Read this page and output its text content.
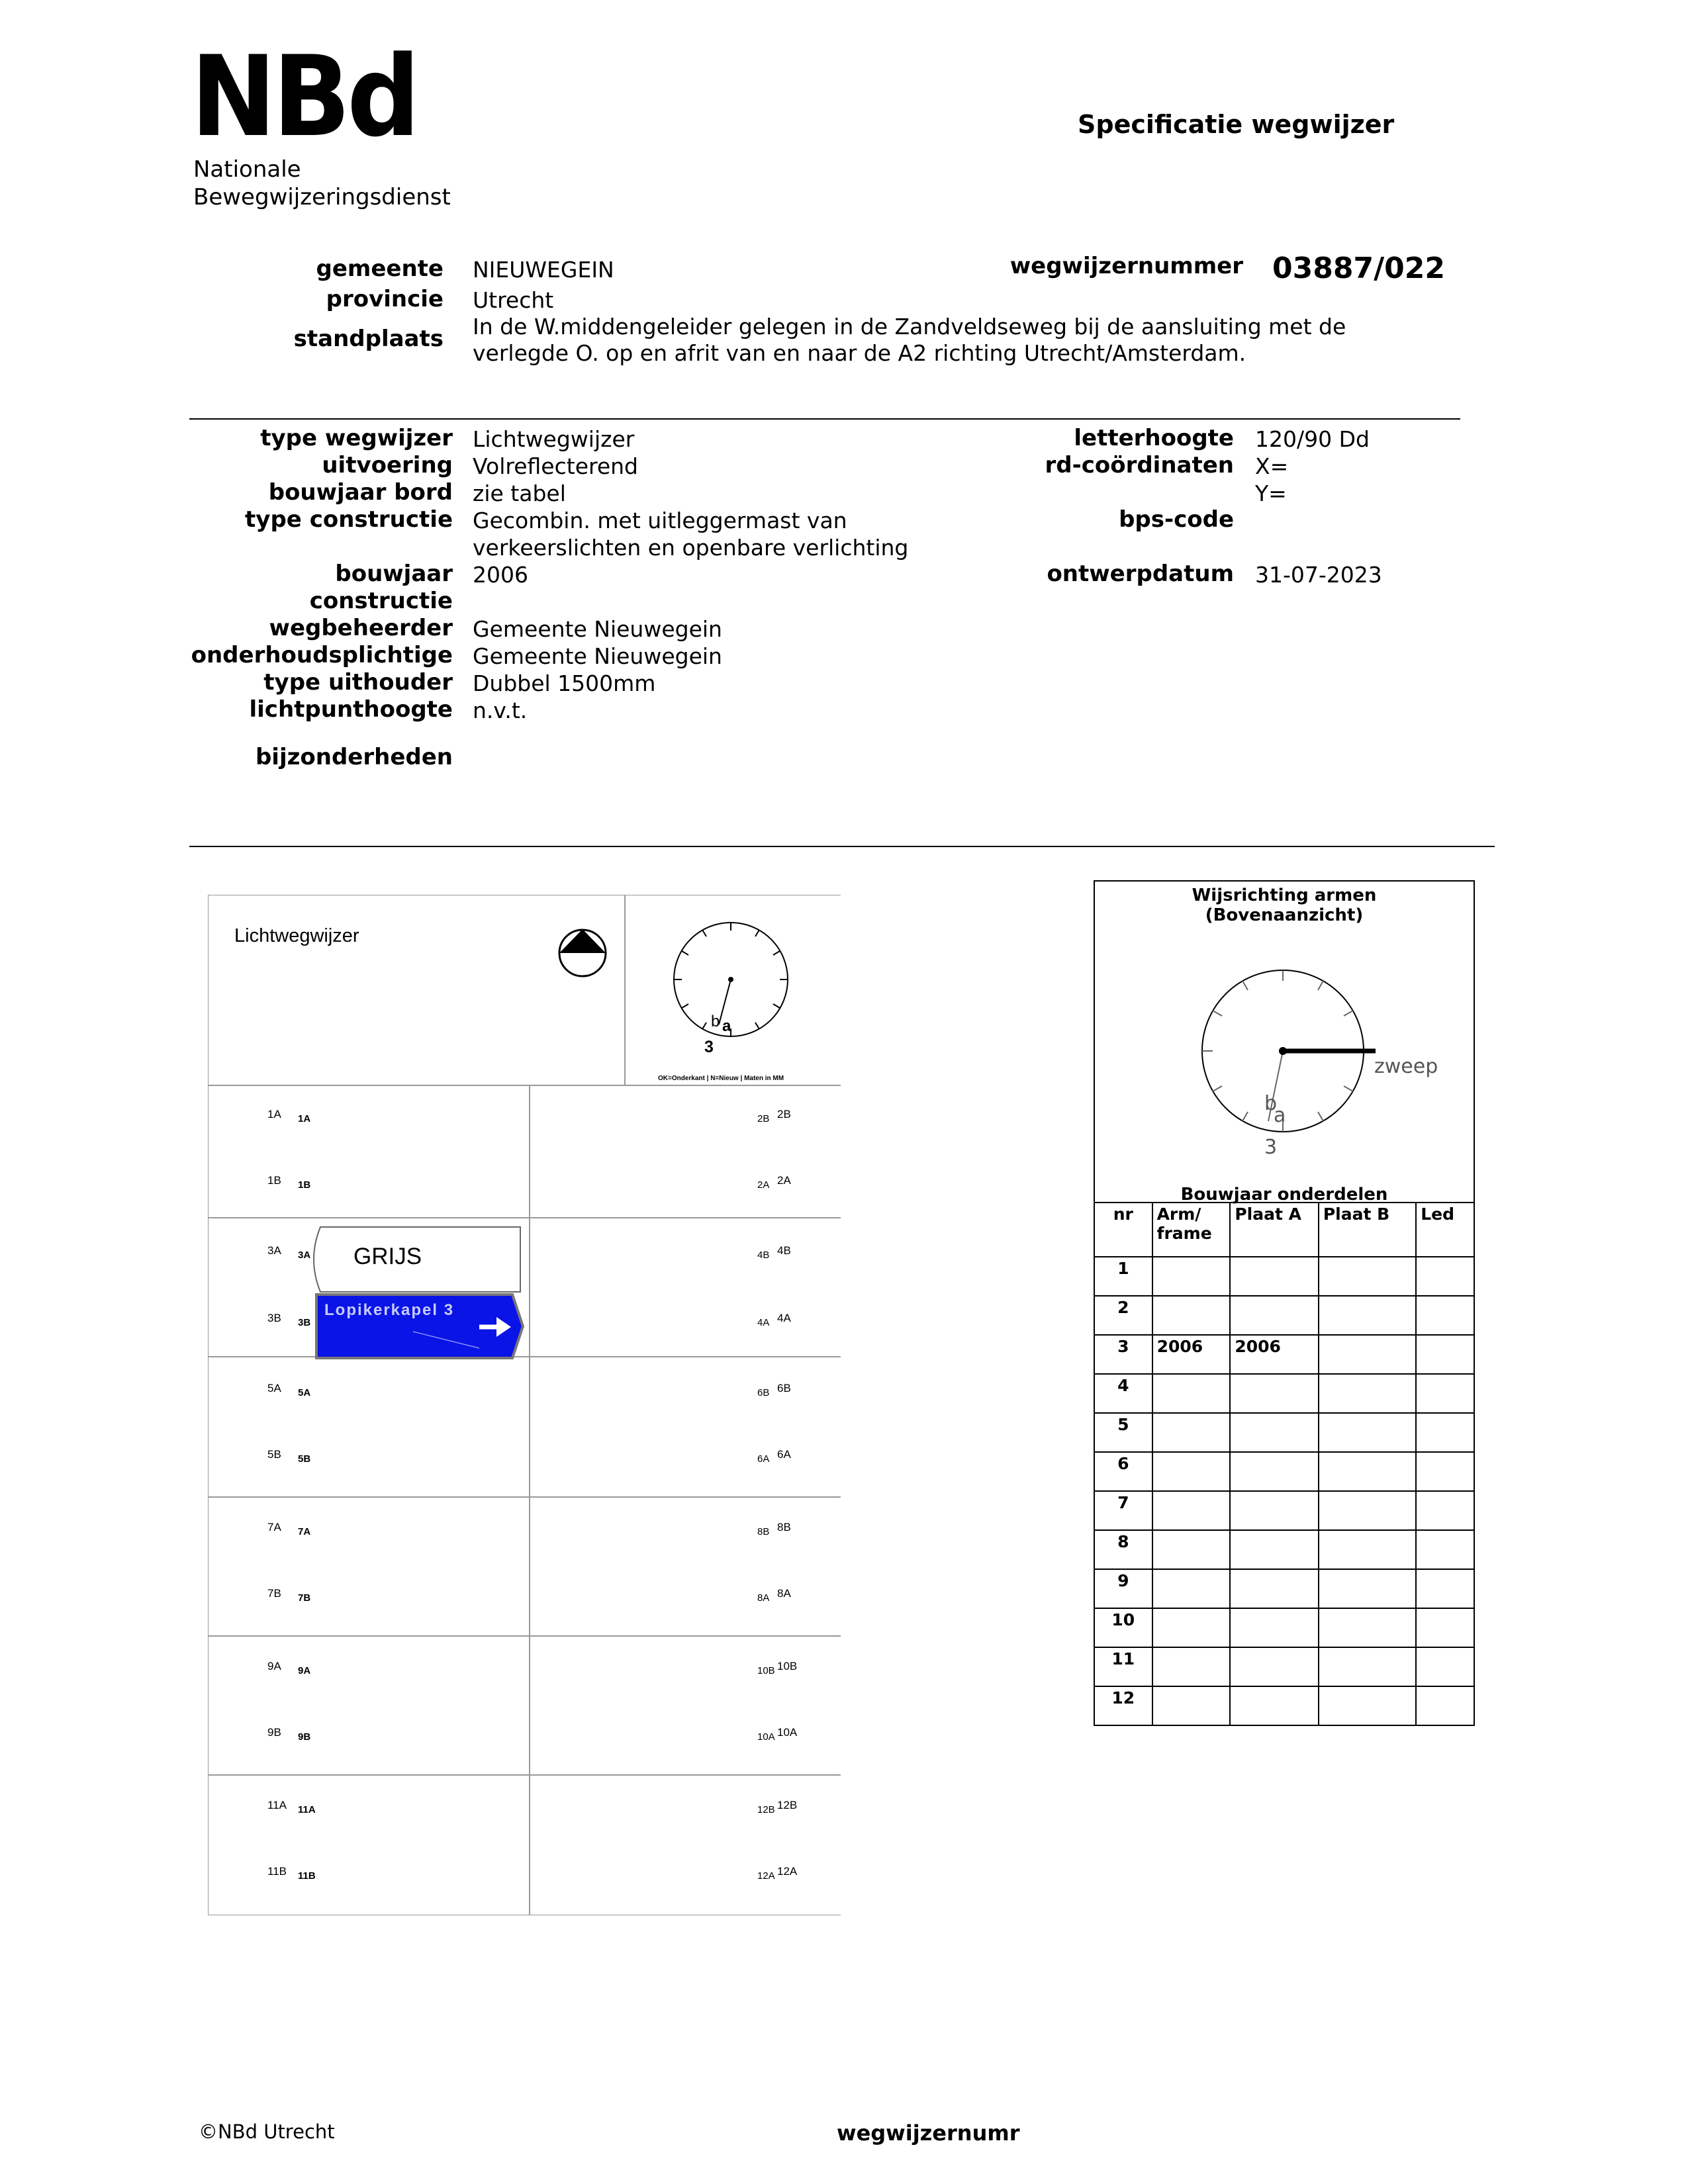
NBd
Nationale
Bewegwijzeringsdienst
Specificatie wegwijzer
gemeente NIEUWEGEIN
provincie Utrecht
standplaats In de W.middengeleider gelegen in de Zandveldseweg bij de aansluiting met de
verlegde O. op en afrit van en naar de A2 richting Utrecht/Amsterdam.
wegwijzernummer 03887/022
type wegwijzer Lichtwegwijzer
uitvoering Volreflecterend
bouwjaar bord zie tabel
type constructie Gecombin. met uitleggermast van
verkeerslichten en openbare verlichting
bouwjaar 2006
constructie
wegbeheerder Gemeente Nieuwegein
onderhoudsplichtige Gemeente Nieuwegein
type uithouder Dubbel 1500mm
lichtpunthoogte n.v.t.
bijzonderheden
letterhoogte 120/90 Dd
rd-coördinaten X=
Y=
bps-code
ontwerpdatum 31-07-2023
Lichtwegwijzer
N
b a
3
OK=Onderkant | N=Nieuw | Maten in MM
GRIJS
Lopikerkapel 3
1A 1A
1B 1B
3A 3A
3B 3B
5A 5A
5B 5B
7A 7A
7B 7B
9A 9A
9B 9B
11A 11A
11B 11B
2B 2B
2A 2A
4B 4B
4A 4A
6B 6B
6A 6A
8B 8B
8A 8A
10B 10B
10A 10A
12B 12B
12A 12A
Wijsrichting armen
(Bovenaanzicht)
zweep
b
a
3
Bouwjaar onderdelen
nr	Arm/ frame	Plaat A	Plaat B	Led
1				
2				
3	2006	2006		
4				
5				
6				
7				
8				
9				
10				
11				
12				
©NBd Utrecht	wegwijzernumr
